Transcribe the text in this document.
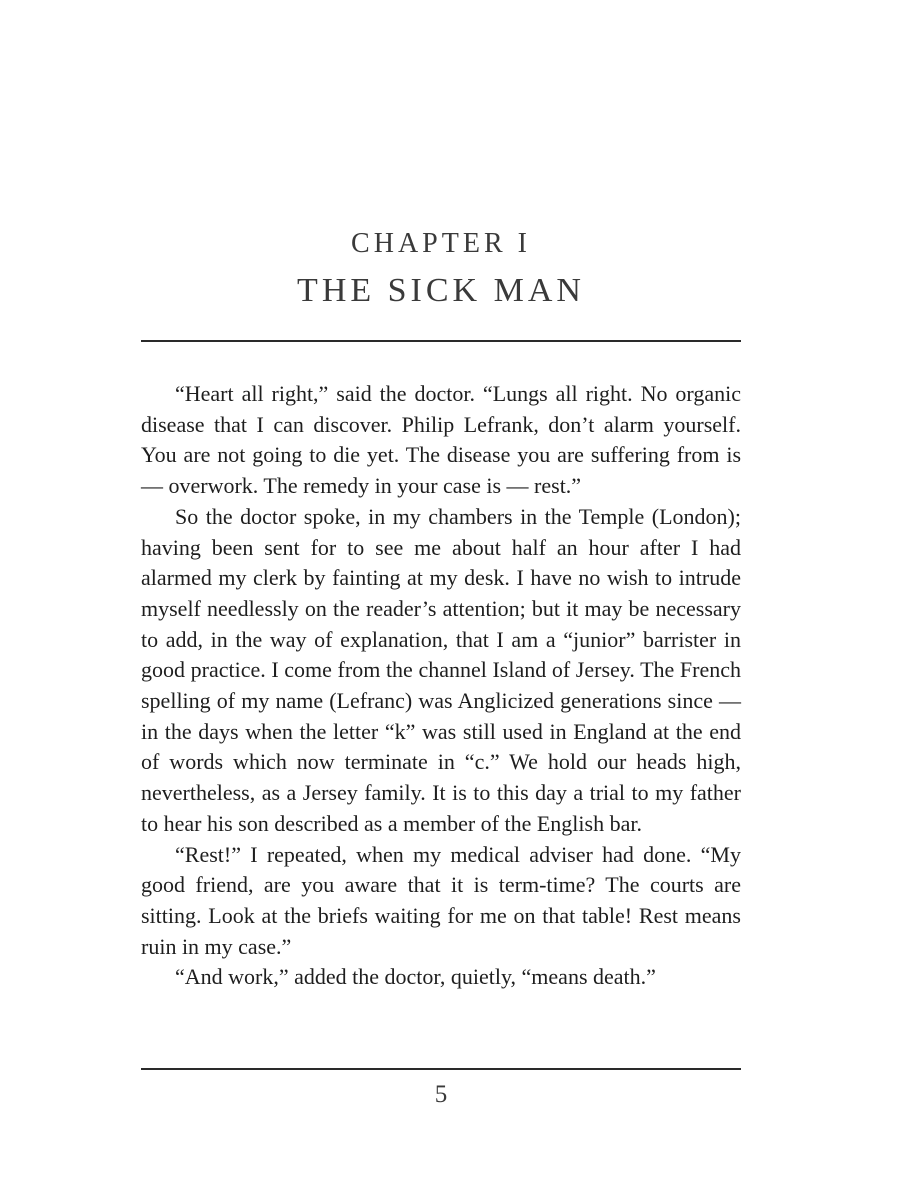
CHAPTER I
THE SICK MAN

“Heart all right,” said the doctor. “Lungs all right. No organic disease that I can discover. Philip Lefrank, don’t alarm yourself. You are not going to die yet. The disease you are suffering from is — overwork. The remedy in your case is — rest.”

So the doctor spoke, in my chambers in the Temple (London); having been sent for to see me about half an hour after I had alarmed my clerk by fainting at my desk. I have no wish to intrude myself needlessly on the reader’s attention; but it may be necessary to add, in the way of explanation, that I am a “junior” barrister in good practice. I come from the channel Island of Jersey. The French spelling of my name (Lefranc) was Anglicized generations since — in the days when the letter “k” was still used in England at the end of words which now terminate in “c.” We hold our heads high, nevertheless, as a Jersey family. It is to this day a trial to my father to hear his son described as a member of the English bar.

“Rest!” I repeated, when my medical adviser had done. “My good friend, are you aware that it is term-time? The courts are sitting. Look at the briefs waiting for me on that table! Rest means ruin in my case.”

“And work,” added the doctor, quietly, “means death.”

5
